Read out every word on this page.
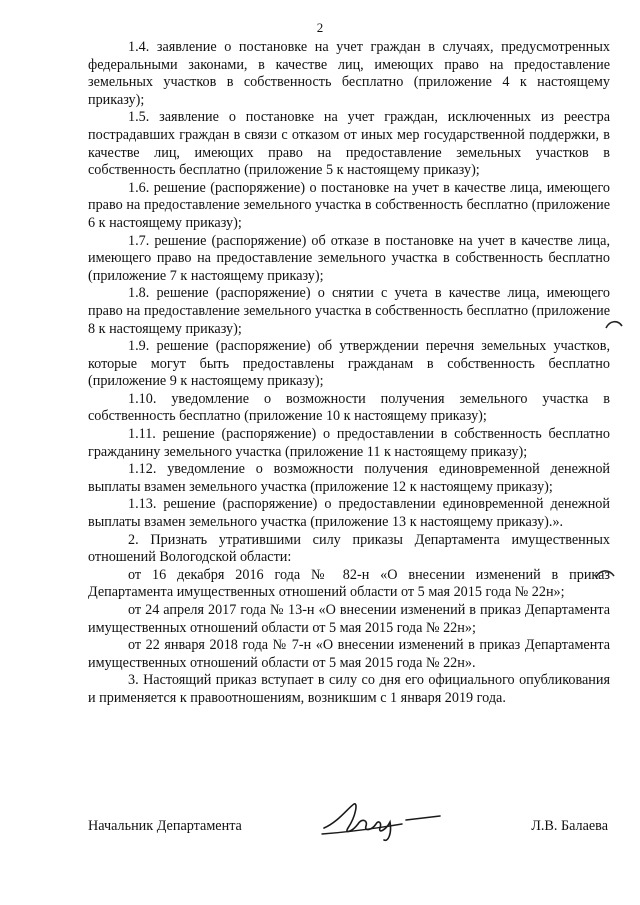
2

1.4. заявление о постановке на учет граждан в случаях, предусмотренных федеральными законами, в качестве лиц, имеющих право на предоставление земельных участков в собственность бесплатно (приложение 4 к настоящему приказу);

1.5. заявление о постановке на учет граждан, исключенных из реестра пострадавших граждан в связи с отказом от иных мер государственной поддержки, в качестве лиц, имеющих право на предоставление земельных участков в собственность бесплатно (приложение 5 к настоящему приказу);

1.6. решение (распоряжение) о постановке на учет в качестве лица, имеющего право на предоставление земельного участка в собственность бесплатно (приложение 6 к настоящему приказу);

1.7. решение (распоряжение) об отказе в постановке на учет в качестве лица, имеющего право на предоставление земельного участка в собственность бесплатно (приложение 7 к настоящему приказу);

1.8. решение (распоряжение) о снятии с учета в качестве лица, имеющего право на предоставление земельного участка в собственность бесплатно (приложение 8 к настоящему приказу);

1.9. решение (распоряжение) об утверждении перечня земельных участков, которые могут быть предоставлены гражданам в собственность бесплатно (приложение 9 к настоящему приказу);

1.10. уведомление о возможности получения земельного участка в собственность бесплатно (приложение 10 к настоящему приказу);

1.11. решение (распоряжение) о предоставлении в собственность бесплатно гражданину земельного участка (приложение 11 к настоящему приказу);

1.12. уведомление о возможности получения единовременной денежной выплаты взамен земельного участка (приложение 12 к настоящему приказу);

1.13. решение (распоряжение) о предоставлении единовременной денежной выплаты взамен земельного участка (приложение 13 к настоящему приказу).».

2. Признать утратившими силу приказы Департамента имущественных отношений Вологодской области:

от 16 декабря 2016 года № 82-н «О внесении изменений в приказ Департамента имущественных отношений области от 5 мая 2015 года № 22н»;

от 24 апреля 2017 года № 13-н «О внесении изменений в приказ Департамента имущественных отношений области от 5 мая 2015 года № 22н»;

от 22 января 2018 года № 7-н «О внесении изменений в приказ Департамента имущественных отношений области от 5 мая 2015 года № 22н».

3. Настоящий приказ вступает в силу со дня его официального опубликования и применяется к правоотношениям, возникшим с 1 января 2019 года.

Начальник Департамента	Л.В. Балаева
